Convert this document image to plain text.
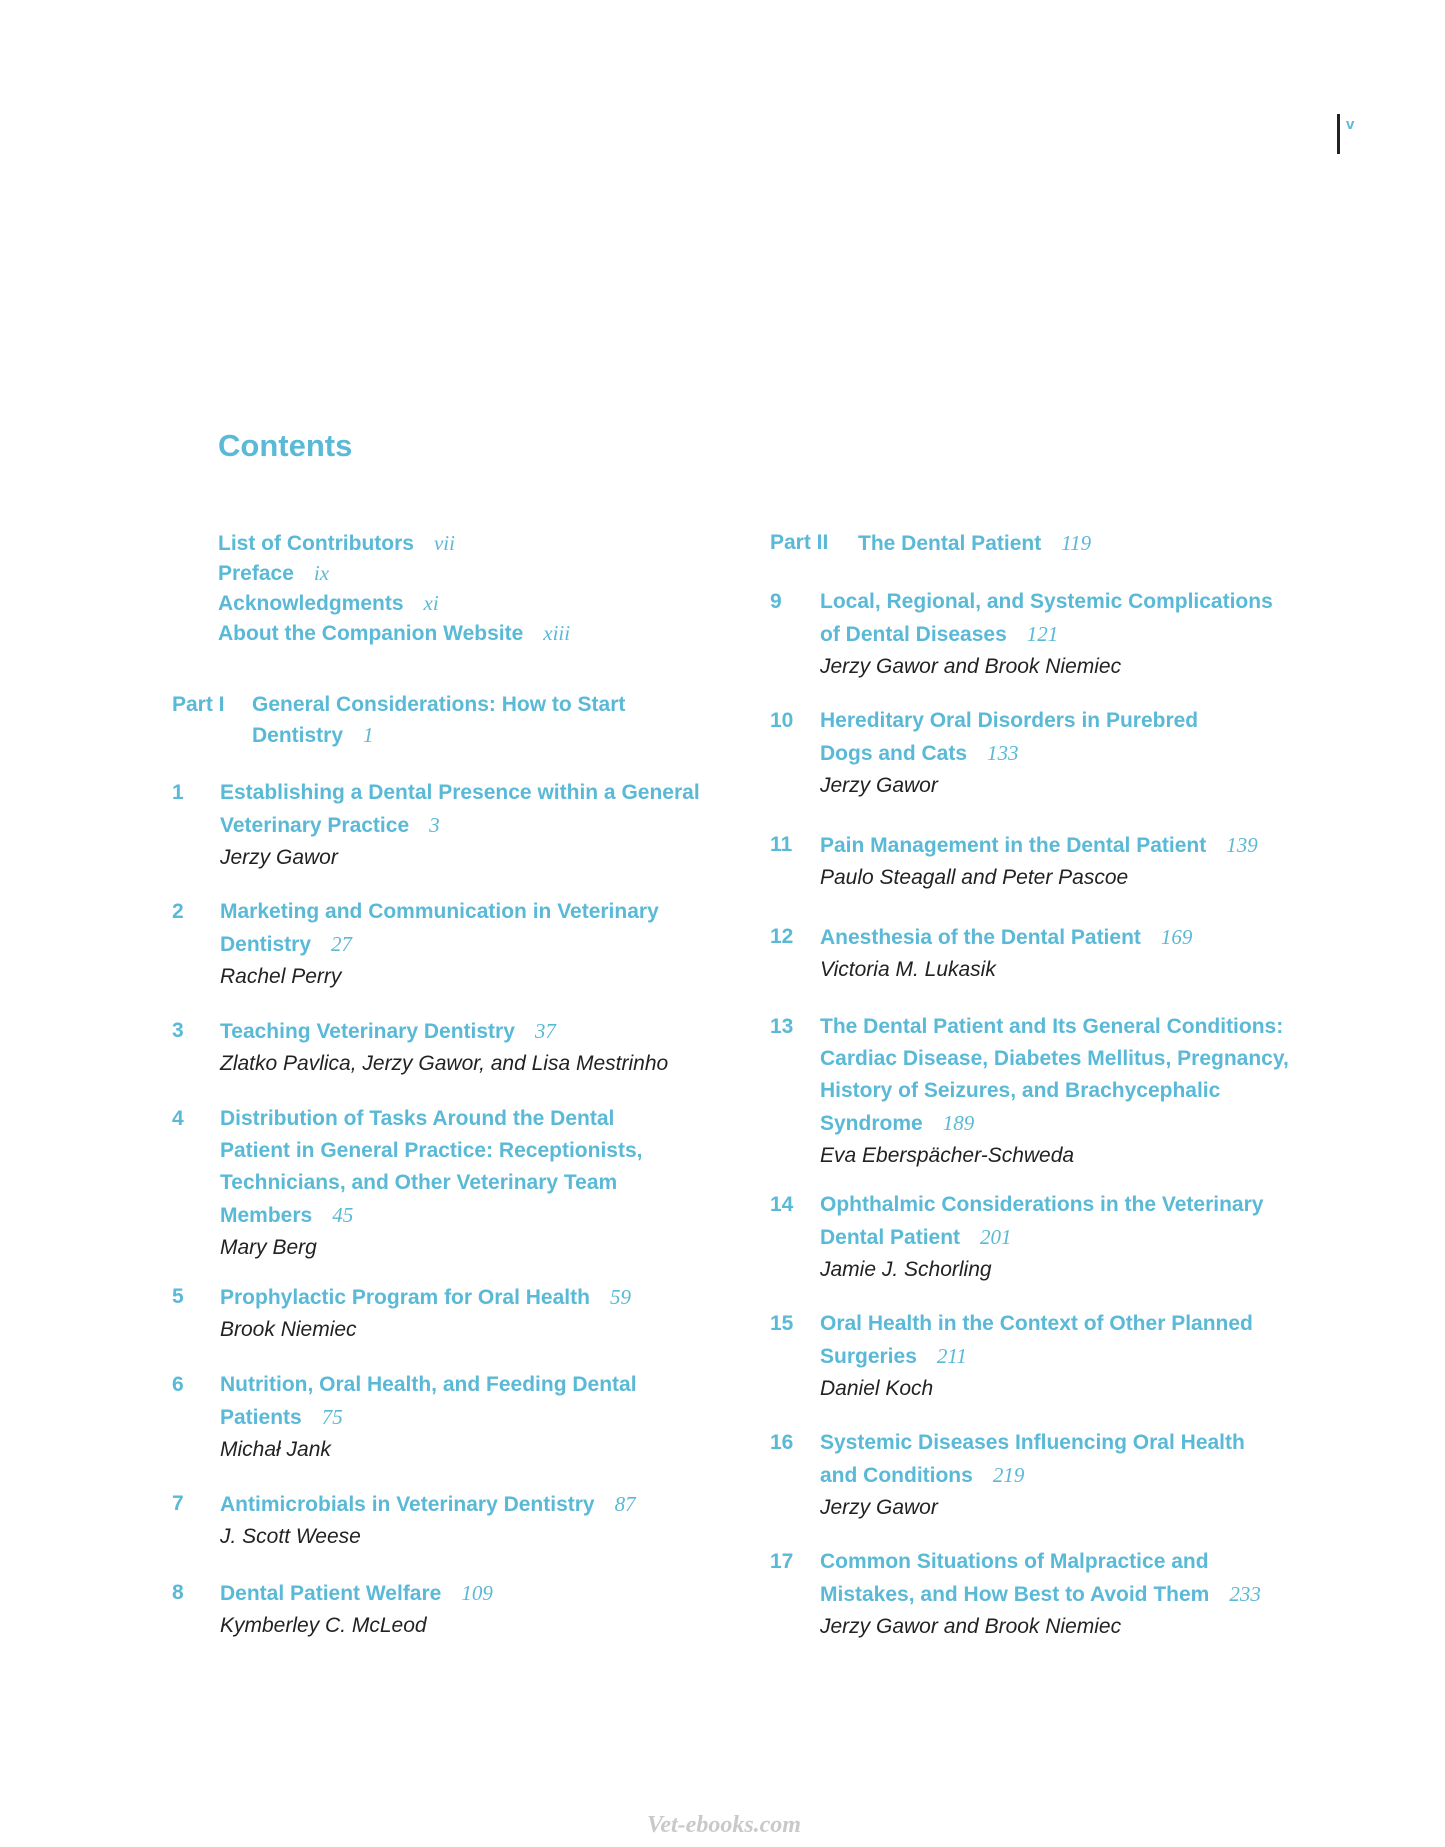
v
Contents
List of Contributors vii
Preface ix
Acknowledgments xi
About the Companion Website xiii
Part I General Considerations: How to Start Dentistry 1
1 Establishing a Dental Presence within a General Veterinary Practice 3
Jerzy Gawor
2 Marketing and Communication in Veterinary Dentistry 27
Rachel Perry
3 Teaching Veterinary Dentistry 37
Zlatko Pavlica, Jerzy Gawor, and Lisa Mestrinho
4 Distribution of Tasks Around the Dental Patient in General Practice: Receptionists, Technicians, and Other Veterinary Team Members 45
Mary Berg
5 Prophylactic Program for Oral Health 59
Brook Niemiec
6 Nutrition, Oral Health, and Feeding Dental Patients 75
Michał Jank
7 Antimicrobials in Veterinary Dentistry 87
J. Scott Weese
8 Dental Patient Welfare 109
Kymberley C. McLeod
Part II The Dental Patient 119
9 Local, Regional, and Systemic Complications of Dental Diseases 121
Jerzy Gawor and Brook Niemiec
10 Hereditary Oral Disorders in Purebred Dogs and Cats 133
Jerzy Gawor
11 Pain Management in the Dental Patient 139
Paulo Steagall and Peter Pascoe
12 Anesthesia of the Dental Patient 169
Victoria M. Lukasik
13 The Dental Patient and Its General Conditions: Cardiac Disease, Diabetes Mellitus, Pregnancy, History of Seizures, and Brachycephalic Syndrome 189
Eva Eberspächer-Schweda
14 Ophthalmic Considerations in the Veterinary Dental Patient 201
Jamie J. Schorling
15 Oral Health in the Context of Other Planned Surgeries 211
Daniel Koch
16 Systemic Diseases Influencing Oral Health and Conditions 219
Jerzy Gawor
17 Common Situations of Malpractice and Mistakes, and How Best to Avoid Them 233
Jerzy Gawor and Brook Niemiec
Vet-ebooks.com
